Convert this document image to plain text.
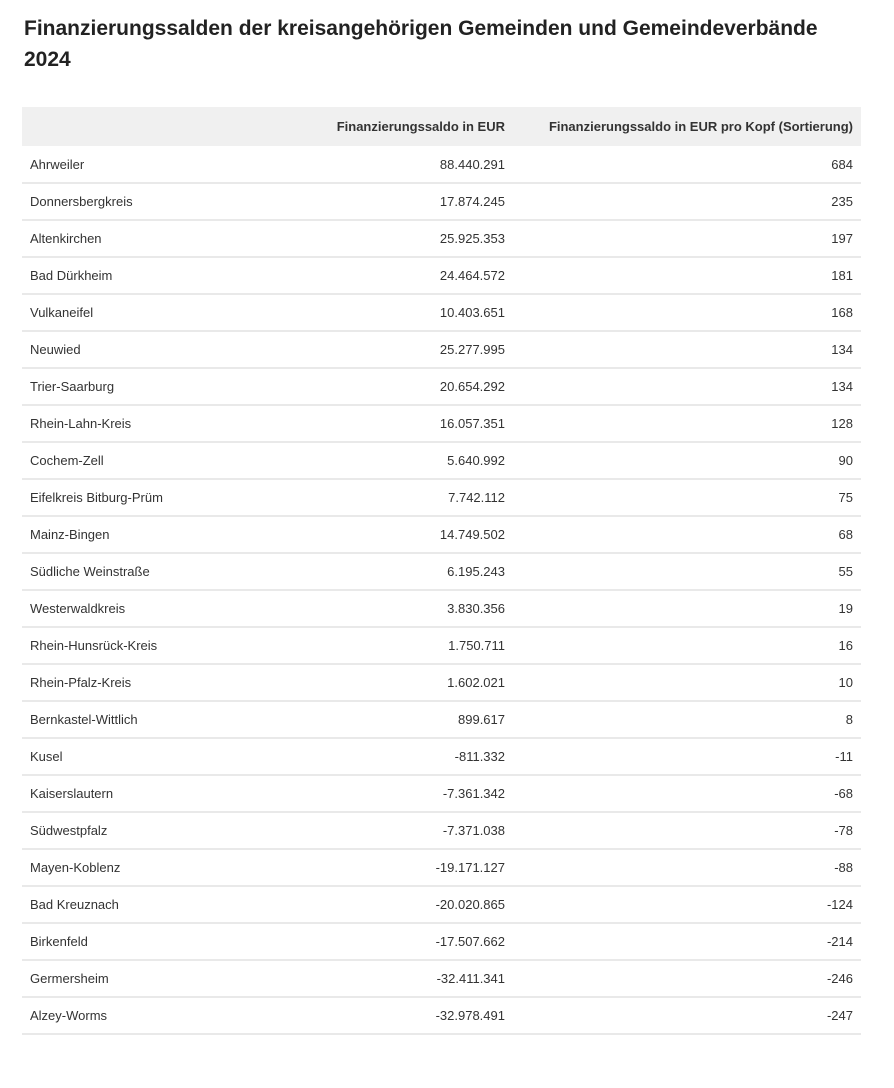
Finanzierungssalden der kreisangehörigen Gemeinden und Gemeindeverbände 2024
	Finanzierungssaldo in EUR	Finanzierungssaldo in EUR pro Kopf (Sortierung)
Ahrweiler	88.440.291	684
Donnersbergkreis	17.874.245	235
Altenkirchen	25.925.353	197
Bad Dürkheim	24.464.572	181
Vulkaneifel	10.403.651	168
Neuwied	25.277.995	134
Trier-Saarburg	20.654.292	134
Rhein-Lahn-Kreis	16.057.351	128
Cochem-Zell	5.640.992	90
Eifelkreis Bitburg-Prüm	7.742.112	75
Mainz-Bingen	14.749.502	68
Südliche Weinstraße	6.195.243	55
Westerwaldkreis	3.830.356	19
Rhein-Hunsrück-Kreis	1.750.711	16
Rhein-Pfalz-Kreis	1.602.021	10
Bernkastel-Wittlich	899.617	8
Kusel	-811.332	-11
Kaiserslautern	-7.361.342	-68
Südwestpfalz	-7.371.038	-78
Mayen-Koblenz	-19.171.127	-88
Bad Kreuznach	-20.020.865	-124
Birkenfeld	-17.507.662	-214
Germersheim	-32.411.341	-246
Alzey-Worms	-32.978.491	-247
